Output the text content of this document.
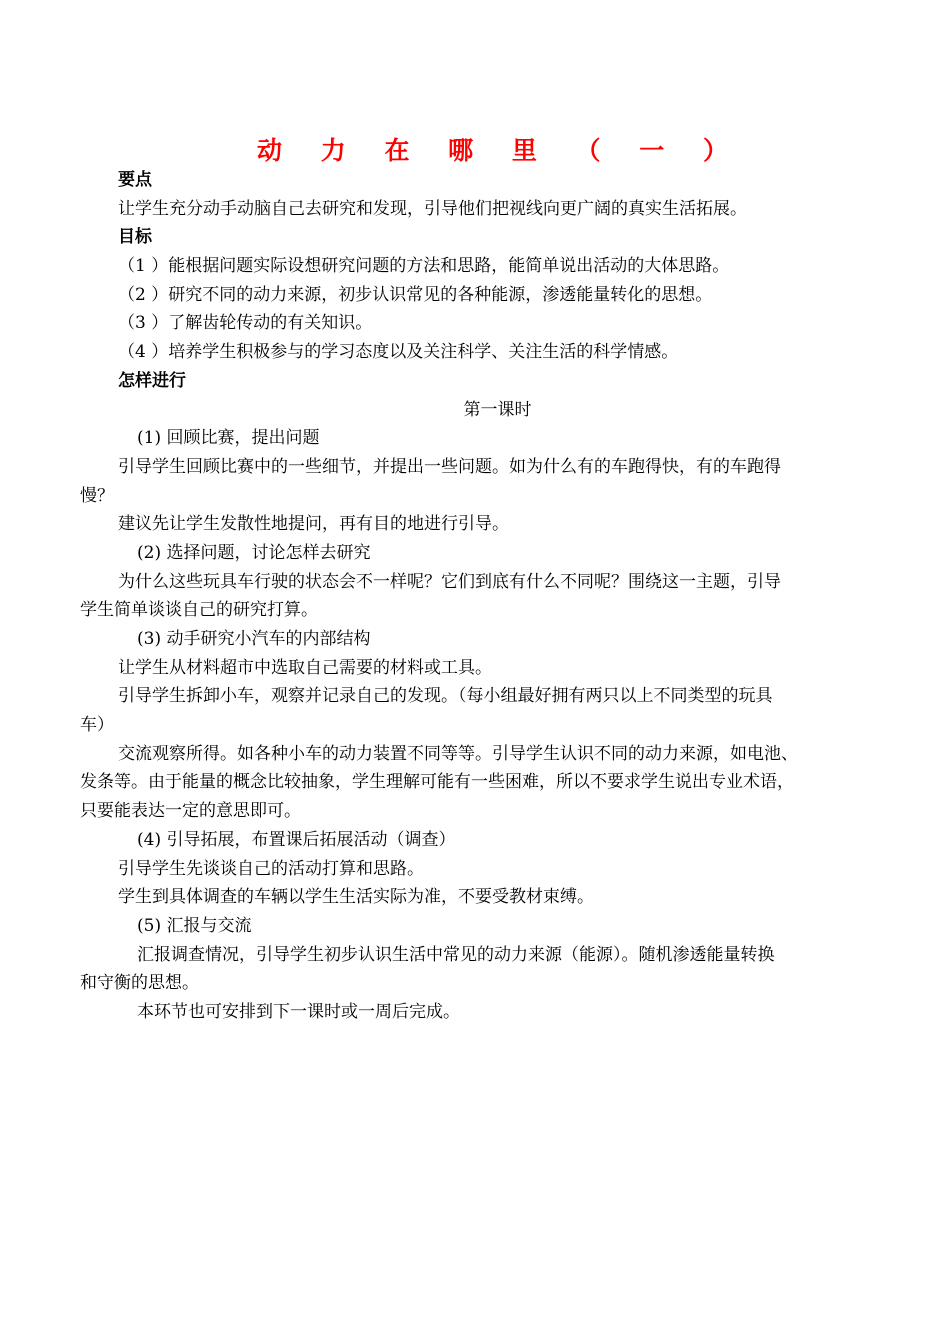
动 力 在 哪 里 （ 一 ）
要点
让学生充分动手动脑自己去研究和发现，引导他们把视线向更广阔的真实生活拓展。
目标
（1 ）能根据问题实际设想研究问题的方法和思路，能简单说出活动的大体思路。
（2 ）研究不同的动力来源，初步认识常见的各种能源，渗透能量转化的思想。
（3 ）了解齿轮传动的有关知识。
（4 ）培养学生积极参与的学习态度以及关注科学、关注生活的科学情感。
怎样进行
第一课时
(1) 回顾比赛，提出问题
引导学生回顾比赛中的一些细节，并提出一些问题。如为什么有的车跑得快，有的车跑得
慢？
建议先让学生发散性地提问，再有目的地进行引导。
(2) 选择问题，讨论怎样去研究
为什么这些玩具车行驶的状态会不一样呢？它们到底有什么不同呢？围绕这一主题，引导
学生简单谈谈自己的研究打算。
(3) 动手研究小汽车的内部结构
让学生从材料超市中选取自己需要的材料或工具。
引导学生拆卸小车，观察并记录自己的发现。（每小组最好拥有两只以上不同类型的玩具
车）
交流观察所得。如各种小车的动力装置不同等等。引导学生认识不同的动力来源，如电池、
发条等。由于能量的概念比较抽象，学生理解可能有一些困难，所以不要求学生说出专业术语，
只要能表达一定的意思即可。
(4) 引导拓展，布置课后拓展活动（调查）
引导学生先谈谈自己的活动打算和思路。
学生到具体调查的车辆以学生生活实际为准，不要受教材束缚。
(5) 汇报与交流
汇报调查情况，引导学生初步认识生活中常见的动力来源（能源）。随机渗透能量转换
和守衡的思想。
本环节也可安排到下一课时或一周后完成。
